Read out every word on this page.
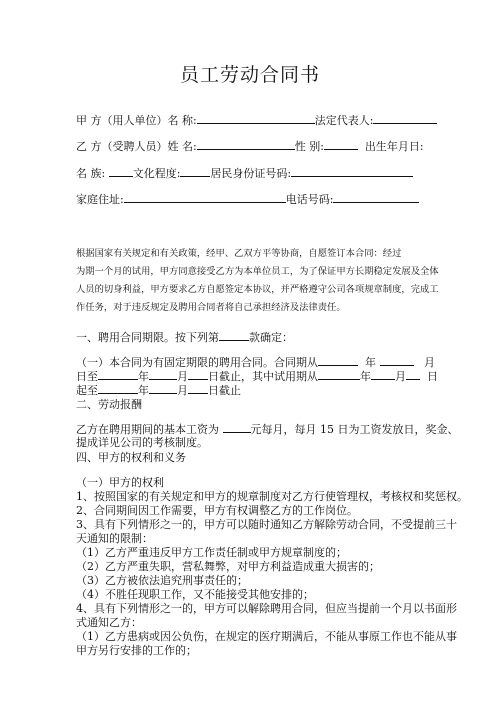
员工劳动合同书
甲 方（用人单位）名 称:	法定代表人:
乙 方（受聘人员）姓 名:	性 别:	出生年月日:
名 族:	文化程度:	居民身份证号码:
家庭住址:	电话号码:
根据国家有关规定和有关政策，经甲、乙双方平等协商，自愿签订本合同：经过
为期一个月的试用，甲方同意接受乙方为本单位员工，为了保证甲方长期稳定发展及全体
人员的切身利益，甲方要求乙方自愿签定本协议，并严格遵守公司各项规章制度，完成工
作任务，对于违反规定及聘用合同者将自己承担经济及法律责任。
一、聘用合同期限。按下列第	款确定：
（一）本合同为有固定期限的聘用合同。合同期从	年	月
日至	年	月 日截止，其中试用期从	年 月 日
起至	年	月 日截止
二、劳动报酬
乙方在聘用期间的基本工资为	元每月，每月 15 日为工资发放日，奖金、
提成详见公司的考核制度。
四、甲方的权利和义务
（一）甲方的权利
1、按照国家的有关规定和甲方的规章制度对乙方行使管理权，考核权和奖惩权。
2、合同期间因工作需要，甲方有权调整乙方的工作岗位。
3、具有下列情形之一的，甲方可以随时通知乙方解除劳动合同，不受提前三十
天通知的限制：
（1）乙方严重违反甲方工作责任制或甲方规章制度的；
（2）乙方严重失职，营私舞弊，对甲方利益造成重大损害的；
（3）乙方被依法追究刑事责任的；
（4）不胜任现职工作，又不能接受其他安排的；
4、具有下列情形之一的，甲方可以解除聘用合同，但应当提前一个月以书面形
式通知乙方：
（1）乙方患病或因公负伤，在规定的医疗期满后，不能从事原工作也不能从事
甲方另行安排的工作的；
